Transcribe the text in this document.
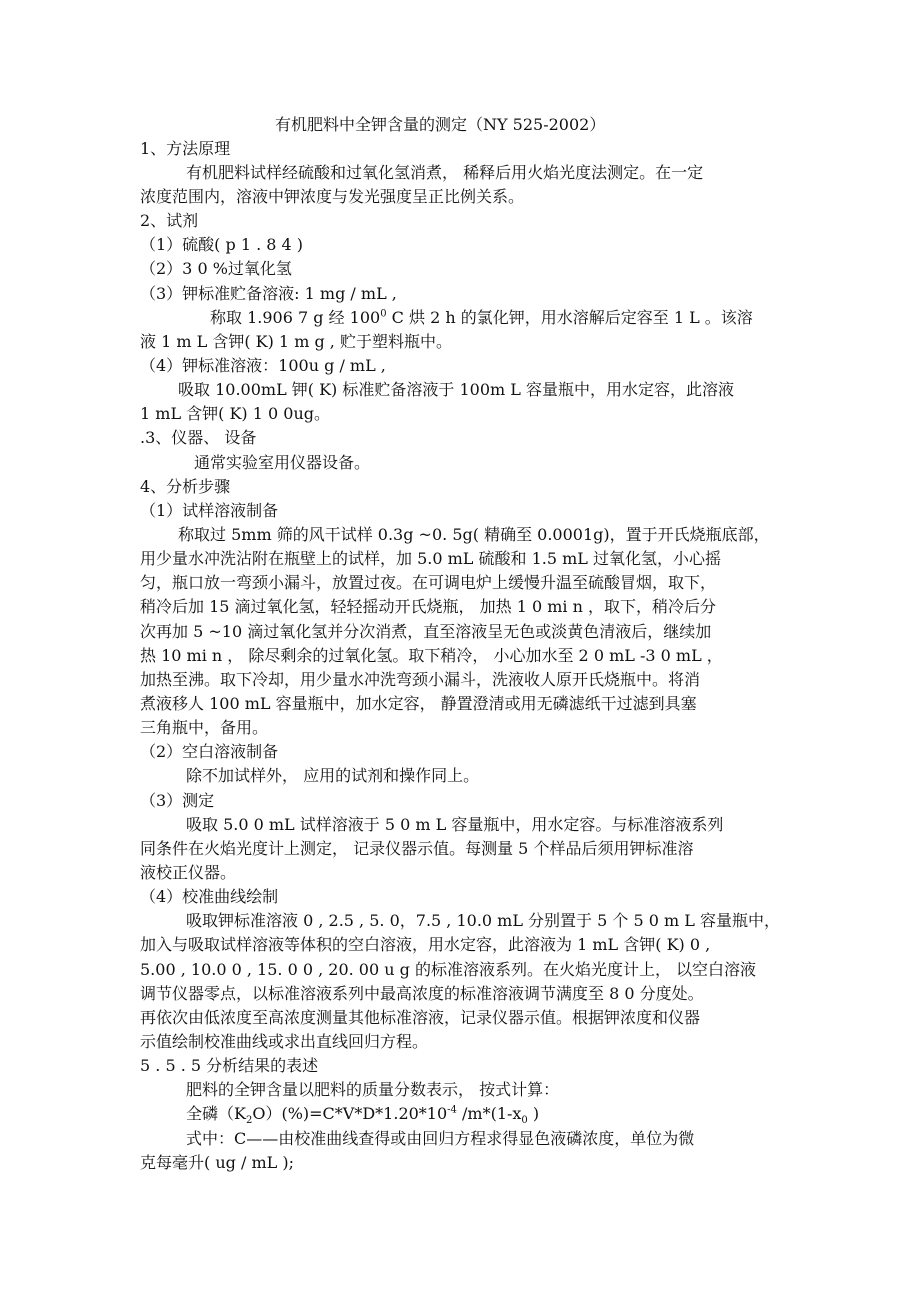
有机肥料中全钾含量的测定（NY 525-2002）
1、方法原理
有机肥料试样经硫酸和过氧化氢消煮， 稀释后用火焰光度法测定。在一定
浓度范围内，溶液中钾浓度与发光强度呈正比例关系。
2、试剂
（1）硫酸( p 1 . 8 4 )
（2）3 0 %过氧化氢
（3）钾标准贮备溶液: 1 mg / mL ,
称取 1.906 7 g 经 $100^0$ C 烘 2 h 的氯化钾，用水溶解后定容至 1 L 。该溶
液 1 m L 含钾( K) 1 m g , 贮于塑料瓶中。
（4）钾标准溶液：100u g / mL ,
吸取 10.00mL 钾( K) 标准贮备溶液于 100m L 容量瓶中，用水定容，此溶液
1 mL 含钾( K) 1 0 0ug。
.3、仪器、 设备
通常实验室用仪器设备。
4、分析步骤
（1）试样溶液制备
称取过 5mm 筛的风干试样 0.3g ~0. 5g( 精确至 0.0001g)，置于开氏烧瓶底部，
用少量水冲洗沾附在瓶壁上的试样，加 5.0 mL 硫酸和 1.5 mL 过氧化氢，小心摇
匀，瓶口放一弯颈小漏斗，放置过夜。在可调电炉上缓慢升温至硫酸冒烟，取下，
稍冷后加 15 滴过氧化氢，轻轻摇动开氏烧瓶， 加热 1 0 mi n ，取下，稍冷后分
次再加 5 ~10 滴过氧化氢并分次消煮，直至溶液呈无色或淡黄色清液后，继续加
热 10 mi n ， 除尽剩余的过氧化氢。取下稍冷， 小心加水至 2 0 mL -3 0 mL ，
加热至沸。取下冷却，用少量水冲洗弯颈小漏斗，洗液收人原开氏烧瓶中。将消
煮液移人 100 mL 容量瓶中，加水定容， 静置澄清或用无磷滤纸干过滤到具塞
三角瓶中，备用。
（2）空白溶液制备
除不加试样外， 应用的试剂和操作同上。
（3）测定
吸取 5.0 0 mL 试样溶液于 5 0 m L 容量瓶中，用水定容。与标准溶液系列
同条件在火焰光度计上测定， 记录仪器示值。每测量 5 个样品后须用钾标准溶
液校正仪器。
（4）校准曲线绘制
吸取钾标准溶液 0 , 2.5 , 5. 0，7.5 , 10.0 mL 分别置于 5 个 5 0 m L 容量瓶中，
加入与吸取试样溶液等体积的空白溶液，用水定容，此溶液为 1 mL 含钾( K) 0 ,
5.00 , 10.0 0 , 15. 0 0 , 20. 00 u g 的标准溶液系列。在火焰光度计上， 以空白溶液
调节仪器零点，以标准溶液系列中最高浓度的标准溶液调节满度至 8 0 分度处。
再依次由低浓度至高浓度测量其他标准溶液，记录仪器示值。根据钾浓度和仪器
示值绘制校准曲线或求出直线回归方程。
5 . 5 . 5 分析结果的表述
肥料的全钾含量以肥料的质量分数表示， 按式计算：
全磷$(K_2O)(\%)=C*V*D*1.20*10^{-4}$ $/m*(1-x_0$ )
式中：C——由校准曲线查得或由回归方程求得显色液磷浓度，单位为微
克每毫升( ug / mL );
